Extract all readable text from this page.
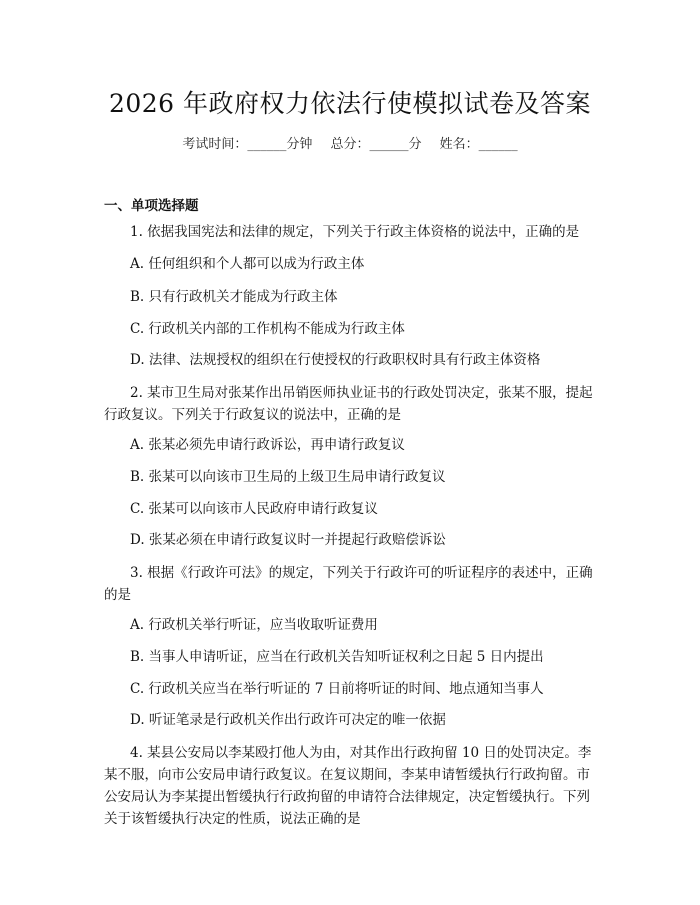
2026 年政府权力依法行使模拟试卷及答案
考试时间：______分钟 总分：______分 姓名：______
一、单项选择题

1. 依据我国宪法和法律的规定，下列关于行政主体资格的说法中，正确的是

A. 任何组织和个人都可以成为行政主体

B. 只有行政机关才能成为行政主体

C. 行政机关内部的工作机构不能成为行政主体

D. 法律、法规授权的组织在行使授权的行政职权时具有行政主体资格

2. 某市卫生局对张某作出吊销医师执业证书的行政处罚决定，张某不服，提起行政复议。下列关于行政复议的说法中，正确的是

A. 张某必须先申请行政诉讼，再申请行政复议

B. 张某可以向该市卫生局的上级卫生局申请行政复议

C. 张某可以向该市人民政府申请行政复议

D. 张某必须在申请行政复议时一并提起行政赔偿诉讼

3. 根据《行政许可法》的规定，下列关于行政许可的听证程序的表述中，正确的是

A. 行政机关举行听证，应当收取听证费用

B. 当事人申请听证，应当在行政机关告知听证权利之日起 5 日内提出

C. 行政机关应当在举行听证的 7 日前将听证的时间、地点通知当事人

D. 听证笔录是行政机关作出行政许可决定的唯一依据

4. 某县公安局以李某殴打他人为由，对其作出行政拘留 10 日的处罚决定。李某不服，向市公安局申请行政复议。在复议期间，李某申请暂缓执行行政拘留。市公安局认为李某提出暂缓执行行政拘留的申请符合法律规定，决定暂缓执行。下列关于该暂缓执行决定的性质，说法正确的是
